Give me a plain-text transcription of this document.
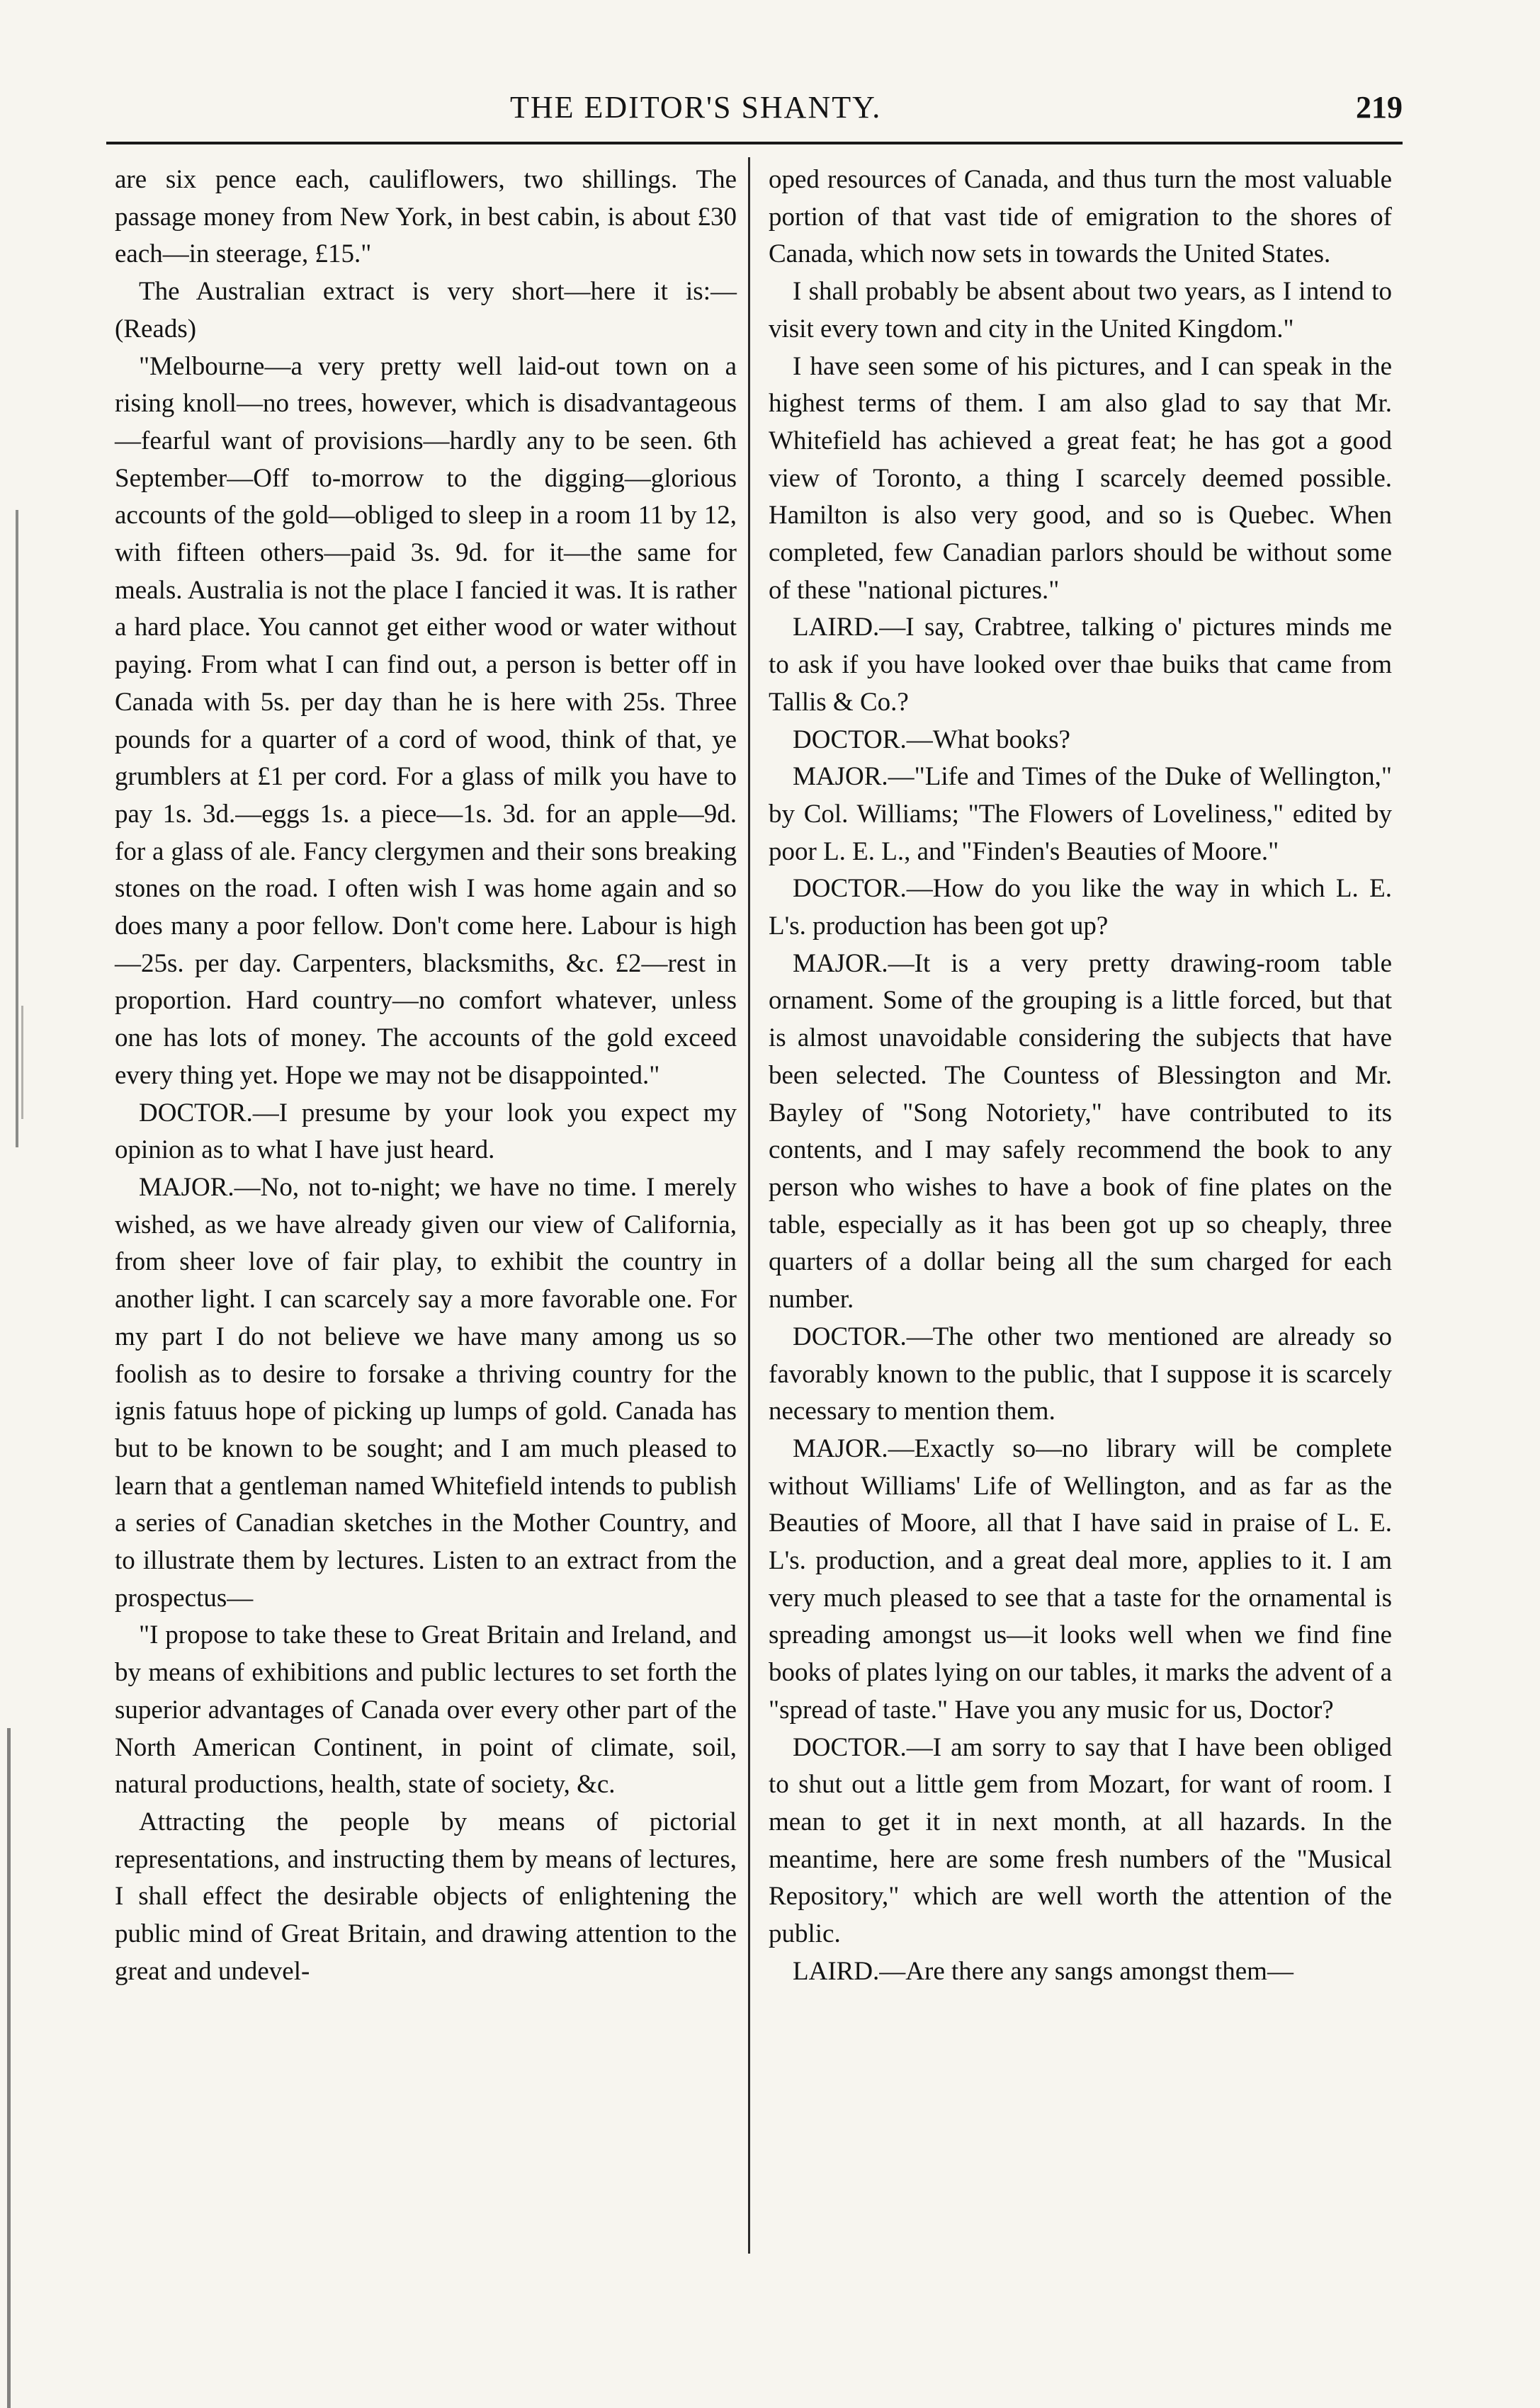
THE EDITOR'S SHANTY.	219

are six pence each, cauliflowers, two shillings. The passage money from New York, in best cabin, is about £30 each—in steerage, £15."

The Australian extract is very short—here it is:—(Reads)

"Melbourne—a very pretty well laid-out town on a rising knoll—no trees, however, which is disadvantageous—fearful want of provisions—hardly any to be seen. 6th September—Off to-morrow to the digging—glorious accounts of the gold—obliged to sleep in a room 11 by 12, with fifteen others—paid 3s. 9d. for it—the same for meals. Australia is not the place I fancied it was. It is rather a hard place. You cannot get either wood or water without paying. From what I can find out, a person is better off in Canada with 5s. per day than he is here with 25s. Three pounds for a quarter of a cord of wood, think of that, ye grumblers at £1 per cord. For a glass of milk you have to pay 1s. 3d.—eggs 1s. a piece—1s. 3d. for an apple—9d. for a glass of ale. Fancy clergymen and their sons breaking stones on the road. I often wish I was home again and so does many a poor fellow. Don't come here. Labour is high—25s. per day. Carpenters, blacksmiths, &c. £2—rest in proportion. Hard country—no comfort whatever, unless one has lots of money. The accounts of the gold exceed every thing yet. Hope we may not be disappointed."

DOCTOR.—I presume by your look you expect my opinion as to what I have just heard.

MAJOR.—No, not to-night; we have no time. I merely wished, as we have already given our view of California, from sheer love of fair play, to exhibit the country in another light. I can scarcely say a more favorable one. For my part I do not believe we have many among us so foolish as to desire to forsake a thriving country for the ignis fatuus hope of picking up lumps of gold. Canada has but to be known to be sought; and I am much pleased to learn that a gentleman named Whitefield intends to publish a series of Canadian sketches in the Mother Country, and to illustrate them by lectures. Listen to an extract from the prospectus—

"I propose to take these to Great Britain and Ireland, and by means of exhibitions and public lectures to set forth the superior advantages of Canada over every other part of the North American Continent, in point of climate, soil, natural productions, health, state of society, &c.

Attracting the people by means of pictorial representations, and instructing them by means of lectures, I shall effect the desirable objects of enlightening the public mind of Great Britain, and drawing attention to the great and undevel-

oped resources of Canada, and thus turn the most valuable portion of that vast tide of emigration to the shores of Canada, which now sets in towards the United States.

I shall probably be absent about two years, as I intend to visit every town and city in the United Kingdom."

I have seen some of his pictures, and I can speak in the highest terms of them. I am also glad to say that Mr. Whitefield has achieved a great feat; he has got a good view of Toronto, a thing I scarcely deemed possible. Hamilton is also very good, and so is Quebec. When completed, few Canadian parlors should be without some of these "national pictures."

LAIRD.—I say, Crabtree, talking o' pictures minds me to ask if you have looked over thae buiks that came from Tallis & Co.?

DOCTOR.—What books?

MAJOR.—"Life and Times of the Duke of Wellington," by Col. Williams; "The Flowers of Loveliness," edited by poor L. E. L., and "Finden's Beauties of Moore."

DOCTOR.—How do you like the way in which L. E. L's. production has been got up?

MAJOR.—It is a very pretty drawing-room table ornament. Some of the grouping is a little forced, but that is almost unavoidable considering the subjects that have been selected. The Countess of Blessington and Mr. Bayley of "Song Notoriety," have contributed to its contents, and I may safely recommend the book to any person who wishes to have a book of fine plates on the table, especially as it has been got up so cheaply, three quarters of a dollar being all the sum charged for each number.

DOCTOR.—The other two mentioned are already so favorably known to the public, that I suppose it is scarcely necessary to mention them.

MAJOR.—Exactly so—no library will be complete without Williams' Life of Wellington, and as far as the Beauties of Moore, all that I have said in praise of L. E. L's. production, and a great deal more, applies to it. I am very much pleased to see that a taste for the ornamental is spreading amongst us—it looks well when we find fine books of plates lying on our tables, it marks the advent of a "spread of taste." Have you any music for us, Doctor?

DOCTOR.—I am sorry to say that I have been obliged to shut out a little gem from Mozart, for want of room. I mean to get it in next month, at all hazards. In the meantime, here are some fresh numbers of the "Musical Repository," which are well worth the attention of the public.

LAIRD.—Are there any sangs amongst them—
